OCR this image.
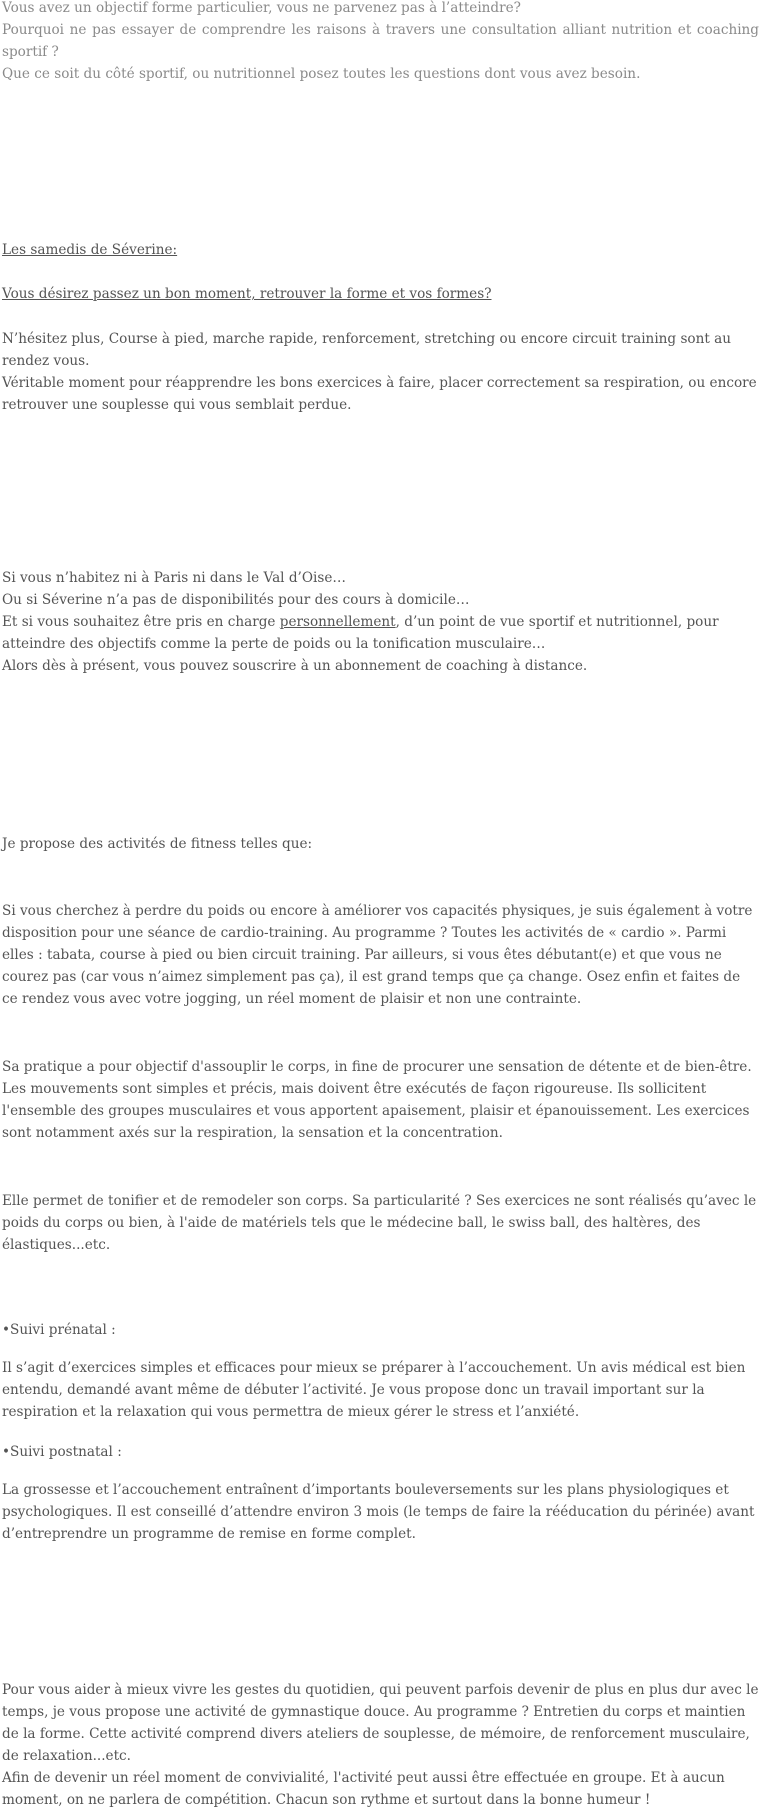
Vous avez un objectif forme particulier, vous ne parvenez pas à l’atteindre?

Pourquoi ne pas essayer de comprendre les raisons à travers une consultation alliant nutrition et coaching sportif ?

Que ce soit du côté sportif, ou nutritionnel posez toutes les questions dont vous avez besoin.

Les samedis de Séverine:

Vous désirez passez un bon moment, retrouver la forme et vos formes?

N’hésitez plus, Course à pied, marche rapide, renforcement, stretching ou encore circuit training sont au rendez vous.

Véritable moment pour réapprendre les bons exercices à faire, placer correctement sa respiration, ou encore retrouver une souplesse qui vous semblait perdue.

Si vous n’habitez ni à Paris ni dans le Val d’Oise…

Ou si Séverine n’a pas de disponibilités pour des cours à domicile…

Et si vous souhaitez être pris en charge personnellement, d’un point de vue sportif et nutritionnel, pour atteindre des objectifs comme la perte de poids ou la tonification musculaire…

Alors dès à présent, vous pouvez souscrire à un abonnement de coaching à distance.

Je propose des activités de fitness telles que:

Si vous cherchez à perdre du poids ou encore à améliorer vos capacités physiques, je suis également à votre disposition pour une séance de cardio-training. Au programme ? Toutes les activités de « cardio ». Parmi elles : tabata, course à pied ou bien circuit training. Par ailleurs, si vous êtes débutant(e) et que vous ne courez pas (car vous n’aimez simplement pas ça), il est grand temps que ça change. Osez enfin et faites de ce rendez vous avec votre jogging, un réel moment de plaisir et non une contrainte.

Sa pratique a pour objectif d'assouplir le corps, in fine de procurer une sensation de détente et de bien-être. Les mouvements sont simples et précis, mais doivent être exécutés de façon rigoureuse. Ils sollicitent l'ensemble des groupes musculaires et vous apportent apaisement, plaisir et épanouissement. Les exercices sont notamment axés sur la respiration, la sensation et la concentration.

Elle permet de tonifier et de remodeler son corps. Sa particularité ? Ses exercices ne sont réalisés qu’avec le poids du corps ou bien, à l'aide de matériels tels que le médecine ball, le swiss ball, des haltères, des élastiques...etc.

•Suivi prénatal :

Il s’agit d’exercices simples et efficaces pour mieux se préparer à l’accouchement. Un avis médical est bien entendu, demandé avant même de débuter l’activité. Je vous propose donc un travail important sur la respiration et la relaxation qui vous permettra de mieux gérer le stress et l’anxiété.

•Suivi postnatal :

La grossesse et l’accouchement entraînent d’importants bouleversements sur les plans physiologiques et psychologiques. Il est conseillé d’attendre environ 3 mois (le temps de faire la rééducation du périnée) avant d’entreprendre un programme de remise en forme complet.

Pour vous aider à mieux vivre les gestes du quotidien, qui peuvent parfois devenir de plus en plus dur avec le temps, je vous propose une activité de gymnastique douce. Au programme ? Entretien du corps et maintien de la forme. Cette activité comprend divers ateliers de souplesse, de mémoire, de renforcement musculaire, de relaxation...etc.

Afin de devenir un réel moment de convivialité, l'activité peut aussi être effectuée en groupe. Et à aucun moment, on ne parlera de compétition. Chacun son rythme et surtout dans la bonne humeur !
